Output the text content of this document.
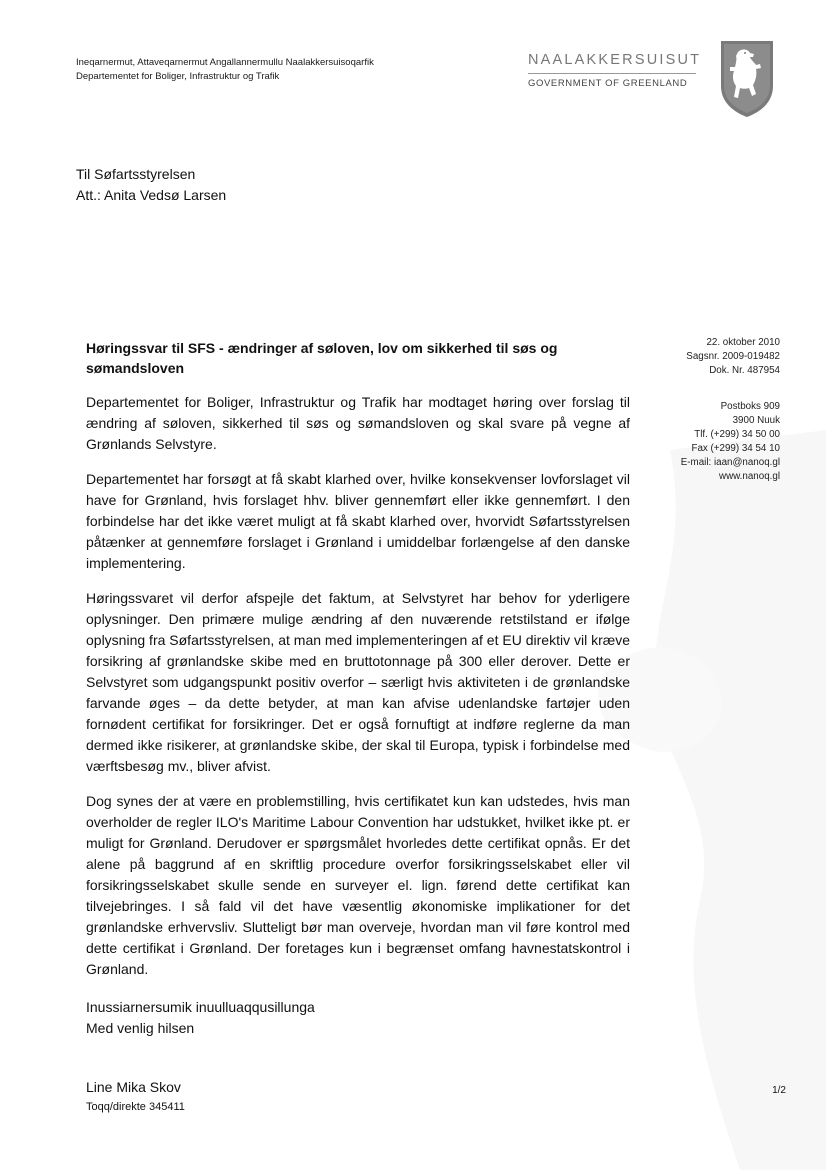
Ineqarnermut, Attaveqarnermut Angallannermullu Naalakkersuisoqarfik
Departementet for Boliger, Infrastruktur og Trafik
NAALAKKERSUISUT
GOVERNMENT OF GREENLAND
Til Søfartsstyrelsen
Att.: Anita Vedsø Larsen
Høringssvar til SFS - ændringer af søloven, lov om sikkerhed til søs og sømandsloven
22. oktober 2010
Sagsnr. 2009-019482
Dok. Nr. 487954
Postboks 909
3900 Nuuk
Tlf. (+299) 34 50 00
Fax (+299) 34 54 10
E-mail: iaan@nanoq.gl
www.nanoq.gl

Departementet for Boliger, Infrastruktur og Trafik har modtaget høring over forslag til ændring af søloven, sikkerhed til søs og sømandsloven og skal svare på vegne af Grønlands Selvstyre.

Departementet har forsøgt at få skabt klarhed over, hvilke konsekvenser lovforslaget vil have for Grønland, hvis forslaget hhv. bliver gennemført eller ikke gennemført. I den forbindelse har det ikke været muligt at få skabt klarhed over, hvorvidt Søfartsstyrelsen påtænker at gennemføre forslaget i Grønland i umiddelbar forlængelse af den danske implementering.

Høringssvaret vil derfor afspejle det faktum, at Selvstyret har behov for yderligere oplysninger. Den primære mulige ændring af den nuværende retstilstand er ifølge oplysning fra Søfartsstyrelsen, at man med implementeringen af et EU direktiv vil kræve forsikring af grønlandske skibe med en bruttotonnage på 300 eller derover. Dette er Selvstyret som udgangspunkt positiv overfor – særligt hvis aktiviteten i de grønlandske farvande øges – da dette betyder, at man kan afvise udenlandske fartøjer uden fornødent certifikat for forsikringer. Det er også fornuftigt at indføre reglerne da man dermed ikke risikerer, at grønlandske skibe, der skal til Europa, typisk i forbindelse med værftsbesøg mv., bliver afvist.

Dog synes der at være en problemstilling, hvis certifikatet kun kan udstedes, hvis man overholder de regler ILO's Maritime Labour Convention har udstukket, hvilket ikke pt. er muligt for Grønland. Derudover er spørgsmålet hvorledes dette certifikat opnås. Er det alene på baggrund af en skriftlig procedure overfor forsikringsselskabet eller vil forsikringsselskabet skulle sende en surveyer el. lign. førend dette certifikat kan tilvejebringes. I så fald vil det have væsentlig økonomiske implikationer for det grønlandske erhvervsliv. Slutteligt bør man overveje, hvordan man vil føre kontrol med dette certifikat i Grønland. Der foretages kun i begrænset omfang havnestatskontrol i Grønland.

Inussiarnersumik inuulluaqqusillunga
Med venlig hilsen
Line Mika Skov
Toqq/direkte 345411
1/2
